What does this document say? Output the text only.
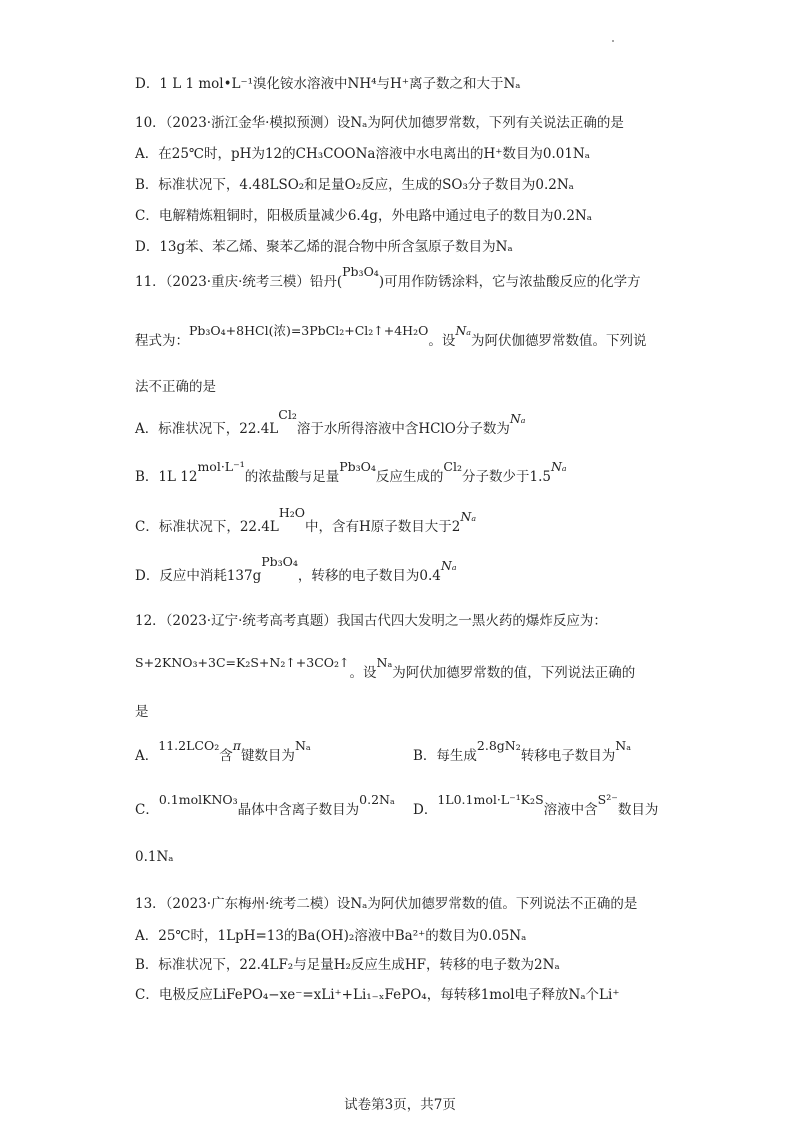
D．1 L 1 mol•L⁻¹溴化铵水溶液中NH⁴与H⁺离子数之和大于Nₐ
10．（2023·浙江金华·模拟预测）设Nₐ为阿伏加德罗常数，下列有关说法正确的是
A．在25℃时，pH为12的CH₃COONa溶液中水电离出的H⁺数目为0.01Nₐ
B．标准状况下，4.48LSO₂和足量O₂反应，生成的SO₃分子数目为0.2Nₐ
C．电解精炼粗铜时，阳极质量减少6.4g，外电路中通过电子的数目为0.2Nₐ
D．13g苯、苯乙烯、聚苯乙烯的混合物中所含氢原子数目为Nₐ
11．（2023·重庆·统考三模）铅丹(Pb₃O₄)可用作防锈涂料，它与浓盐酸反应的化学方
程式为：Pb₃O₄+8HCl(浓)=3PbCl₂+Cl₂↑+4H₂O。设Nₐ为阿伏伽德罗常数值。下列说
法不正确的是
A．标准状况下，22.4LCl₂溶于水所得溶液中含HClO分子数为Nₐ
B．1L 12mol·L⁻¹的浓盐酸与足量Pb₃O₄反应生成的Cl₂分子数少于1.5Nₐ
C．标准状况下，22.4LH₂O中，含有H原子数目大于2Nₐ
D．反应中消耗137gPb₃O₄，转移的电子数目为0.4Nₐ
12．（2023·辽宁·统考高考真题）我国古代四大发明之一黑火药的爆炸反应为：
S+2KNO₃+3C=K₂S+N₂↑+3CO₂↑。设Nₐ为阿伏加德罗常数的值，下列说法正确的
是
A．11.2LCO₂含π键数目为Nₐ
B．每生成2.8gN₂转移电子数目为Nₐ
C．0.1molKNO₃晶体中含离子数目为0.2Nₐ
D．1L0.1mol·L⁻¹K₂S溶液中含S²⁻数目为
0.1Nₐ
13．（2023·广东梅州·统考二模）设Nₐ为阿伏加德罗常数的值。下列说法不正确的是
A．25℃时，1LpH=13的Ba(OH)₂溶液中Ba²⁺的数目为0.05Nₐ
B．标准状况下，22.4LF₂与足量H₂反应生成HF，转移的电子数为2Nₐ
C．电极反应LiFePO₄−xe⁻=xLi⁺+Li₁₋ₓFePO₄，每转移1mol电子释放Nₐ个Li⁺
试卷第3页，共7页
